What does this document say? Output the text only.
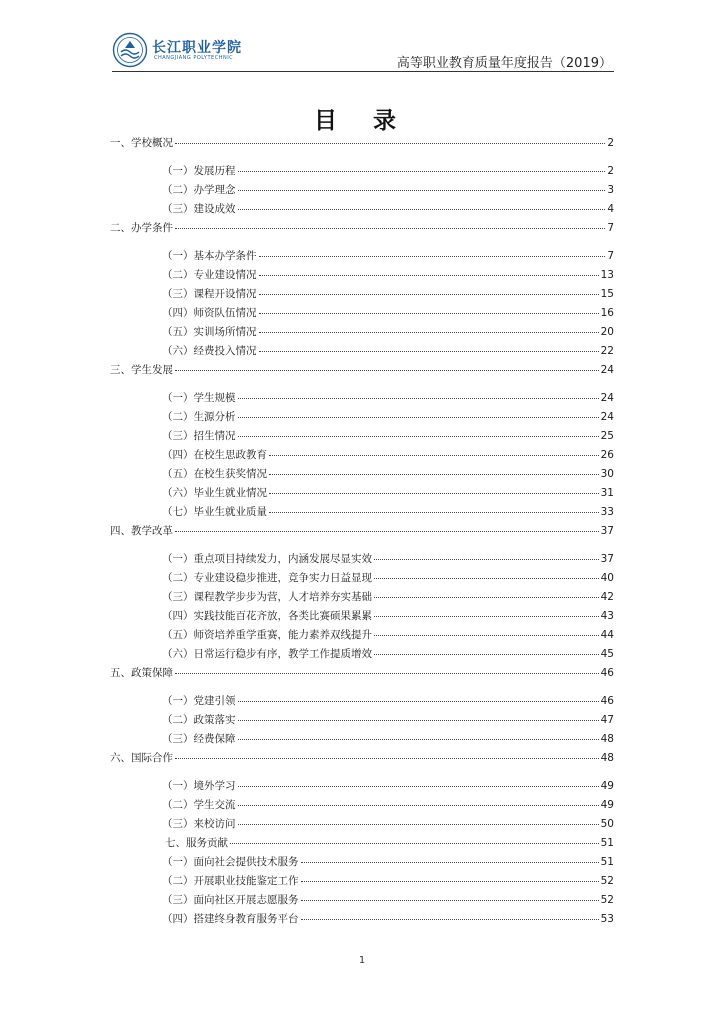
长江职业学院
CHANGJIANG POLYTECHNIC	高等职业教育质量年度报告（2019）
目 录
一、学校概况	2
（一）发展历程	2
（二）办学理念	3
（三）建设成效	4
二、办学条件	7
（一）基本办学条件	7
（二）专业建设情况	13
（三）课程开设情况	15
（四）师资队伍情况	16
（五）实训场所情况	20
（六）经费投入情况	22
三、学生发展	24
（一）学生规模	24
（二）生源分析	24
（三）招生情况	25
（四）在校生思政教育	26
（五）在校生获奖情况	30
（六）毕业生就业情况	31
（七）毕业生就业质量	33
四、教学改革	37
（一）重点项目持续发力，内涵发展尽显实效	37
（二）专业建设稳步推进，竞争实力日益显现	40
（三）课程教学步步为营，人才培养夯实基础	42
（四）实践技能百花齐放，各类比赛硕果累累	43
（五）师资培养重学重赛，能力素养双线提升	44
（六）日常运行稳步有序，教学工作提质增效	45
五、政策保障	46
（一）党建引领	46
（二）政策落实	47
（三）经费保障	48
六、国际合作	48
（一）境外学习	49
（二）学生交流	49
（三）来校访问	50
七、服务贡献	51
（一）面向社会提供技术服务	51
（二）开展职业技能鉴定工作	52
（三）面向社区开展志愿服务	52
（四）搭建终身教育服务平台	53
1
